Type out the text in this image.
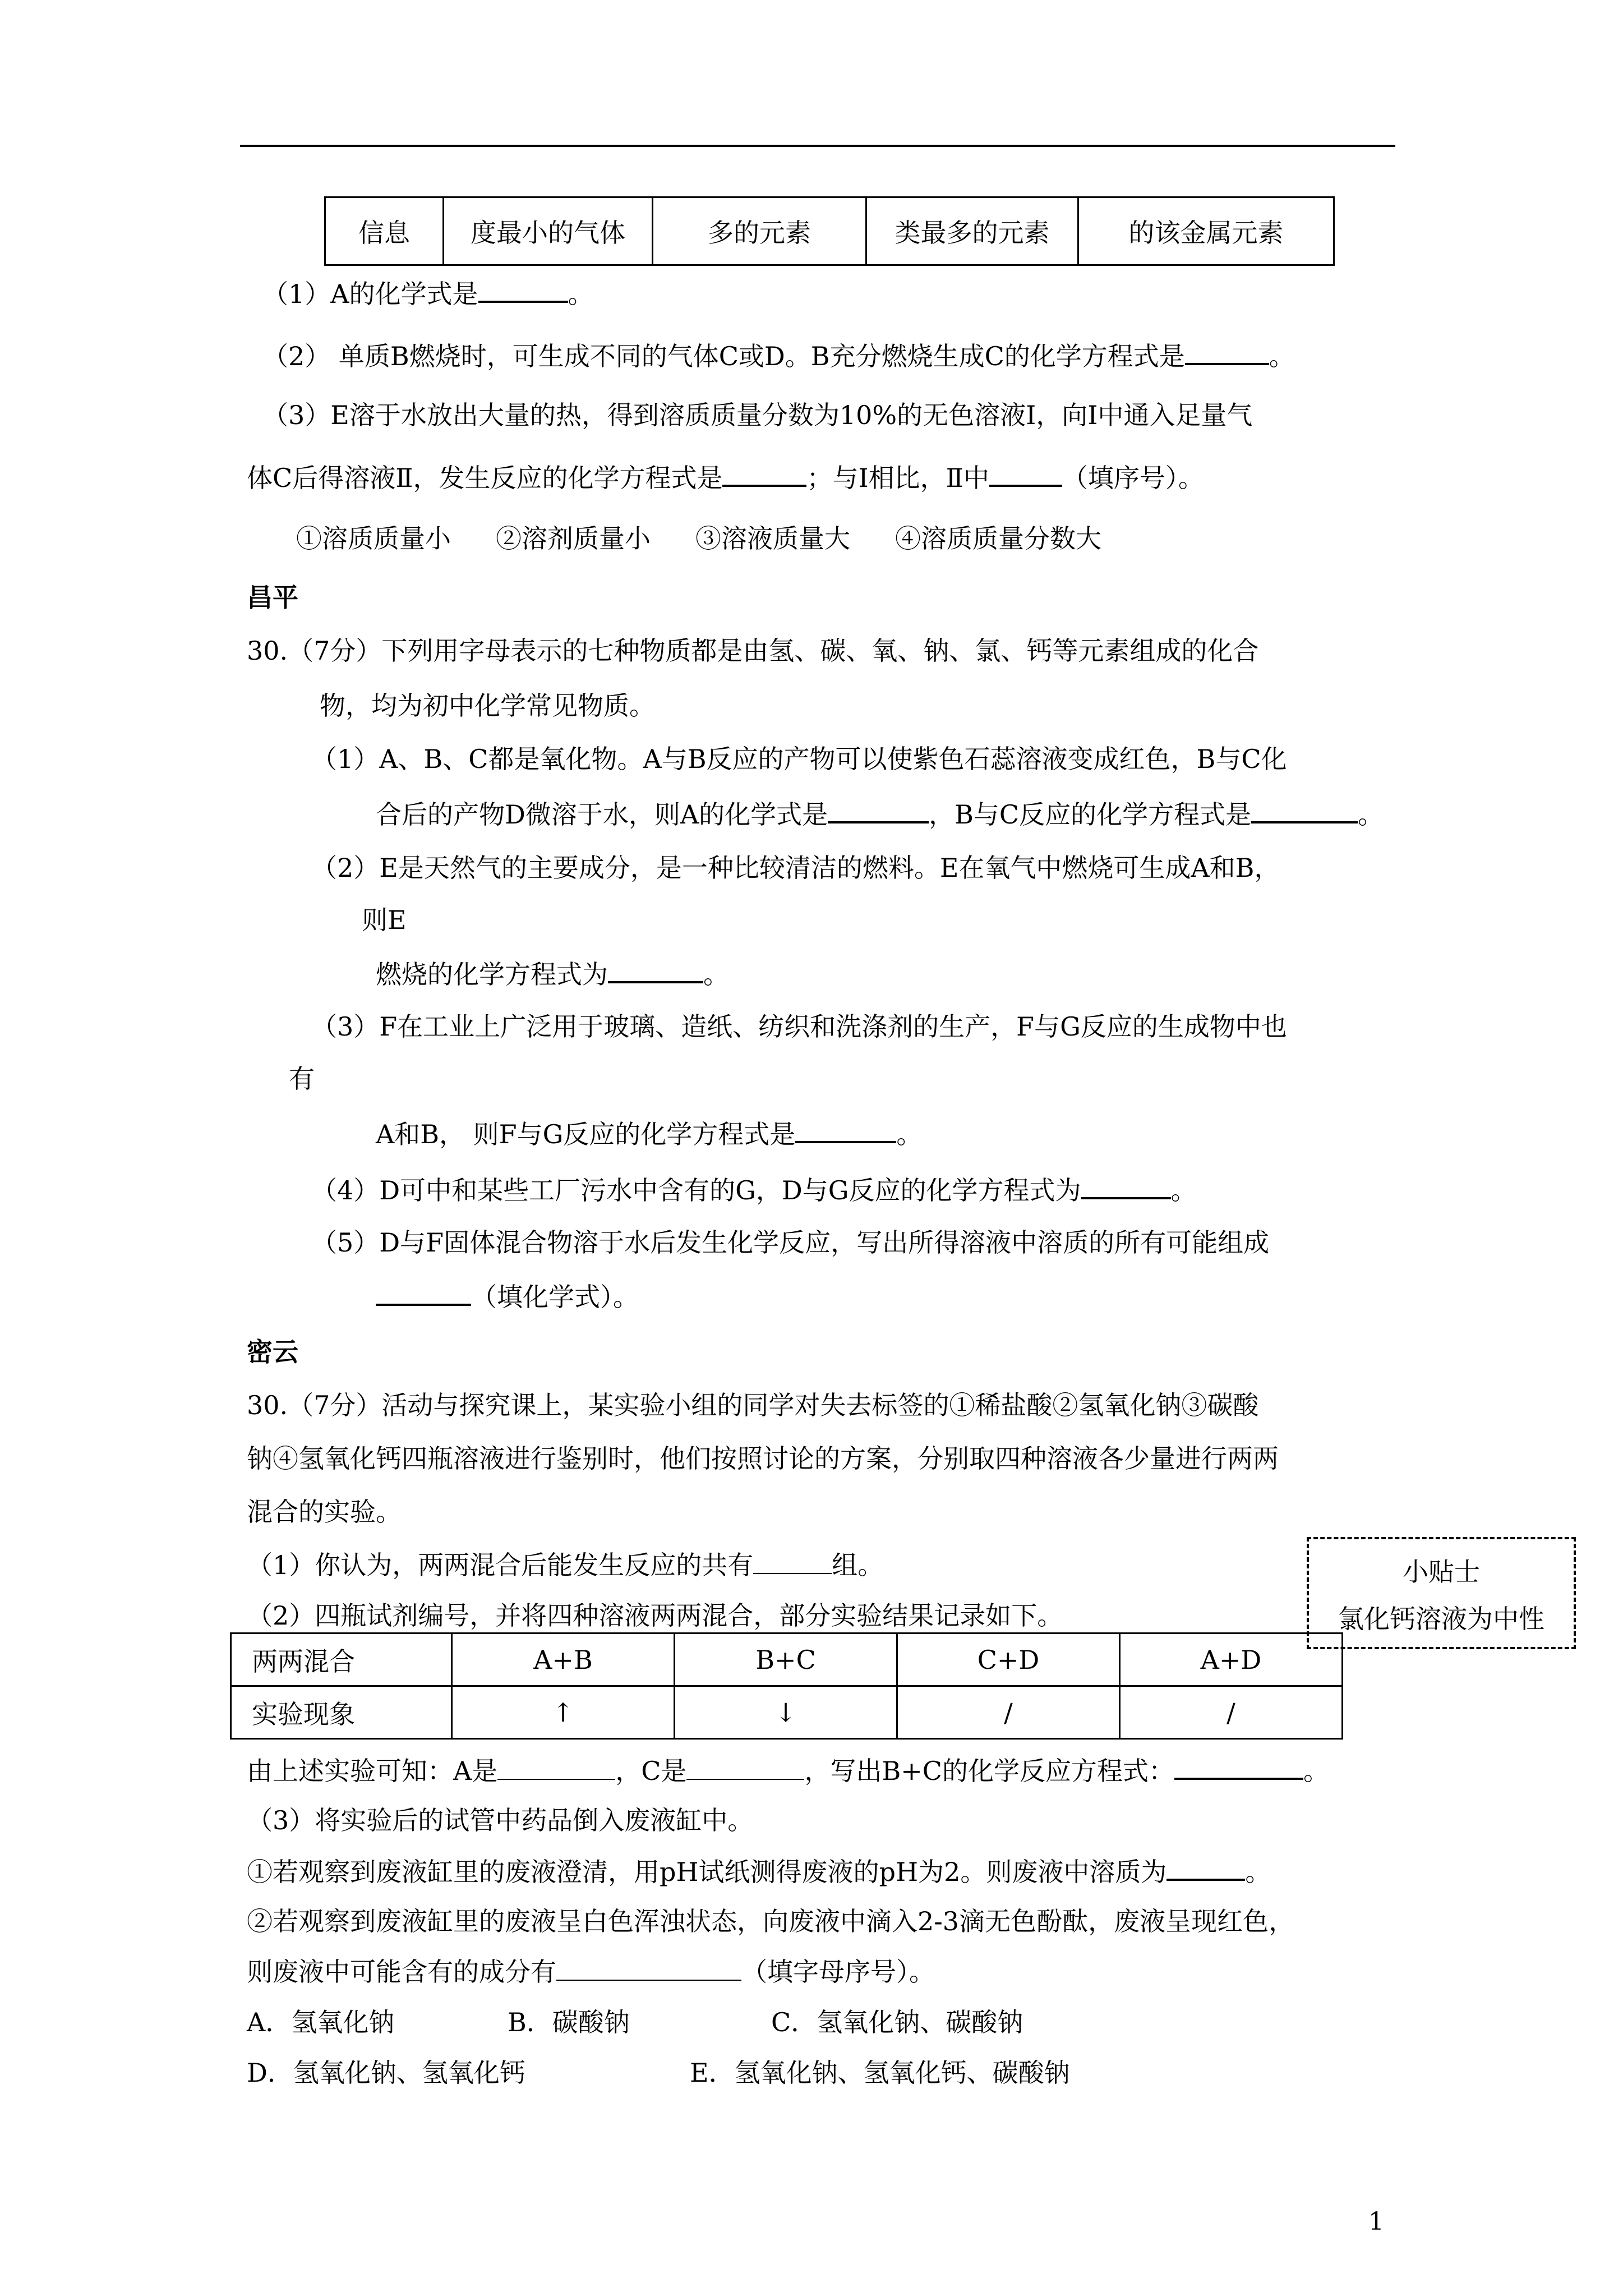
信息	度最小的气体	多的元素	类最多的元素	的该金属元素
（1）A的化学式是	。
（2） 单质B燃烧时，可生成不同的气体C或D。B充分燃烧生成C的化学方程式是	。
（3）E溶于水放出大量的热，得到溶质质量分数为10%的无色溶液Ⅰ，向Ⅰ中通入足量气
体C后得溶液Ⅱ，发生反应的化学方程式是	；与Ⅰ相比，Ⅱ中	（填序号）。
①溶质质量小 ②溶剂质量小 ③溶液质量大 ④溶质质量分数大
昌平
30.（7分）下列用字母表示的七种物质都是由氢、碳、氧、钠、氯、钙等元素组成的化合
物，均为初中化学常见物质。
（1）A、B、C都是氧化物。A与B反应的产物可以使紫色石蕊溶液变成红色，B与C化
合后的产物D微溶于水，则A的化学式是	，B与C反应的化学方程式是	。
（2）E是天然气的主要成分，是一种比较清洁的燃料。E在氧气中燃烧可生成A和B，
则E
燃烧的化学方程式为	。
（3）F在工业上广泛用于玻璃、造纸、纺织和洗涤剂的生产，F与G反应的生成物中也
有
A和B， 则F与G反应的化学方程式是	。
（4）D可中和某些工厂污水中含有的G，D与G反应的化学方程式为	。
（5）D与F固体混合物溶于水后发生化学反应，写出所得溶液中溶质的所有可能组成
（填化学式）。
密云
30.（7分）活动与探究课上，某实验小组的同学对失去标签的①稀盐酸②氢氧化钠③碳酸
钠④氢氧化钙四瓶溶液进行鉴别时，他们按照讨论的方案，分别取四种溶液各少量进行两两
混合的实验。
（1）你认为，两两混合后能发生反应的共有	组。
（2）四瓶试剂编号，并将四种溶液两两混合，部分实验结果记录如下。
小贴士
氯化钙溶液为中性
两两混合	A+B	B+C	C+D	A+D
实验现象	↑	↓	/	/
由上述实验可知：A是	，C是	，写出B+C的化学反应方程式：	。
（3）将实验后的试管中药品倒入废液缸中。
①若观察到废液缸里的废液澄清，用pH试纸测得废液的pH为2。则废液中溶质为	。
②若观察到废液缸里的废液呈白色浑浊状态，向废液中滴入2-3滴无色酚酞，废液呈现红色，
则废液中可能含有的成分有	（填字母序号）。
A．氢氧化钠	B．碳酸钠	C．氢氧化钠、碳酸钠
D．氢氧化钠、氢氧化钙	E．氢氧化钠、氢氧化钙、碳酸钠
1
